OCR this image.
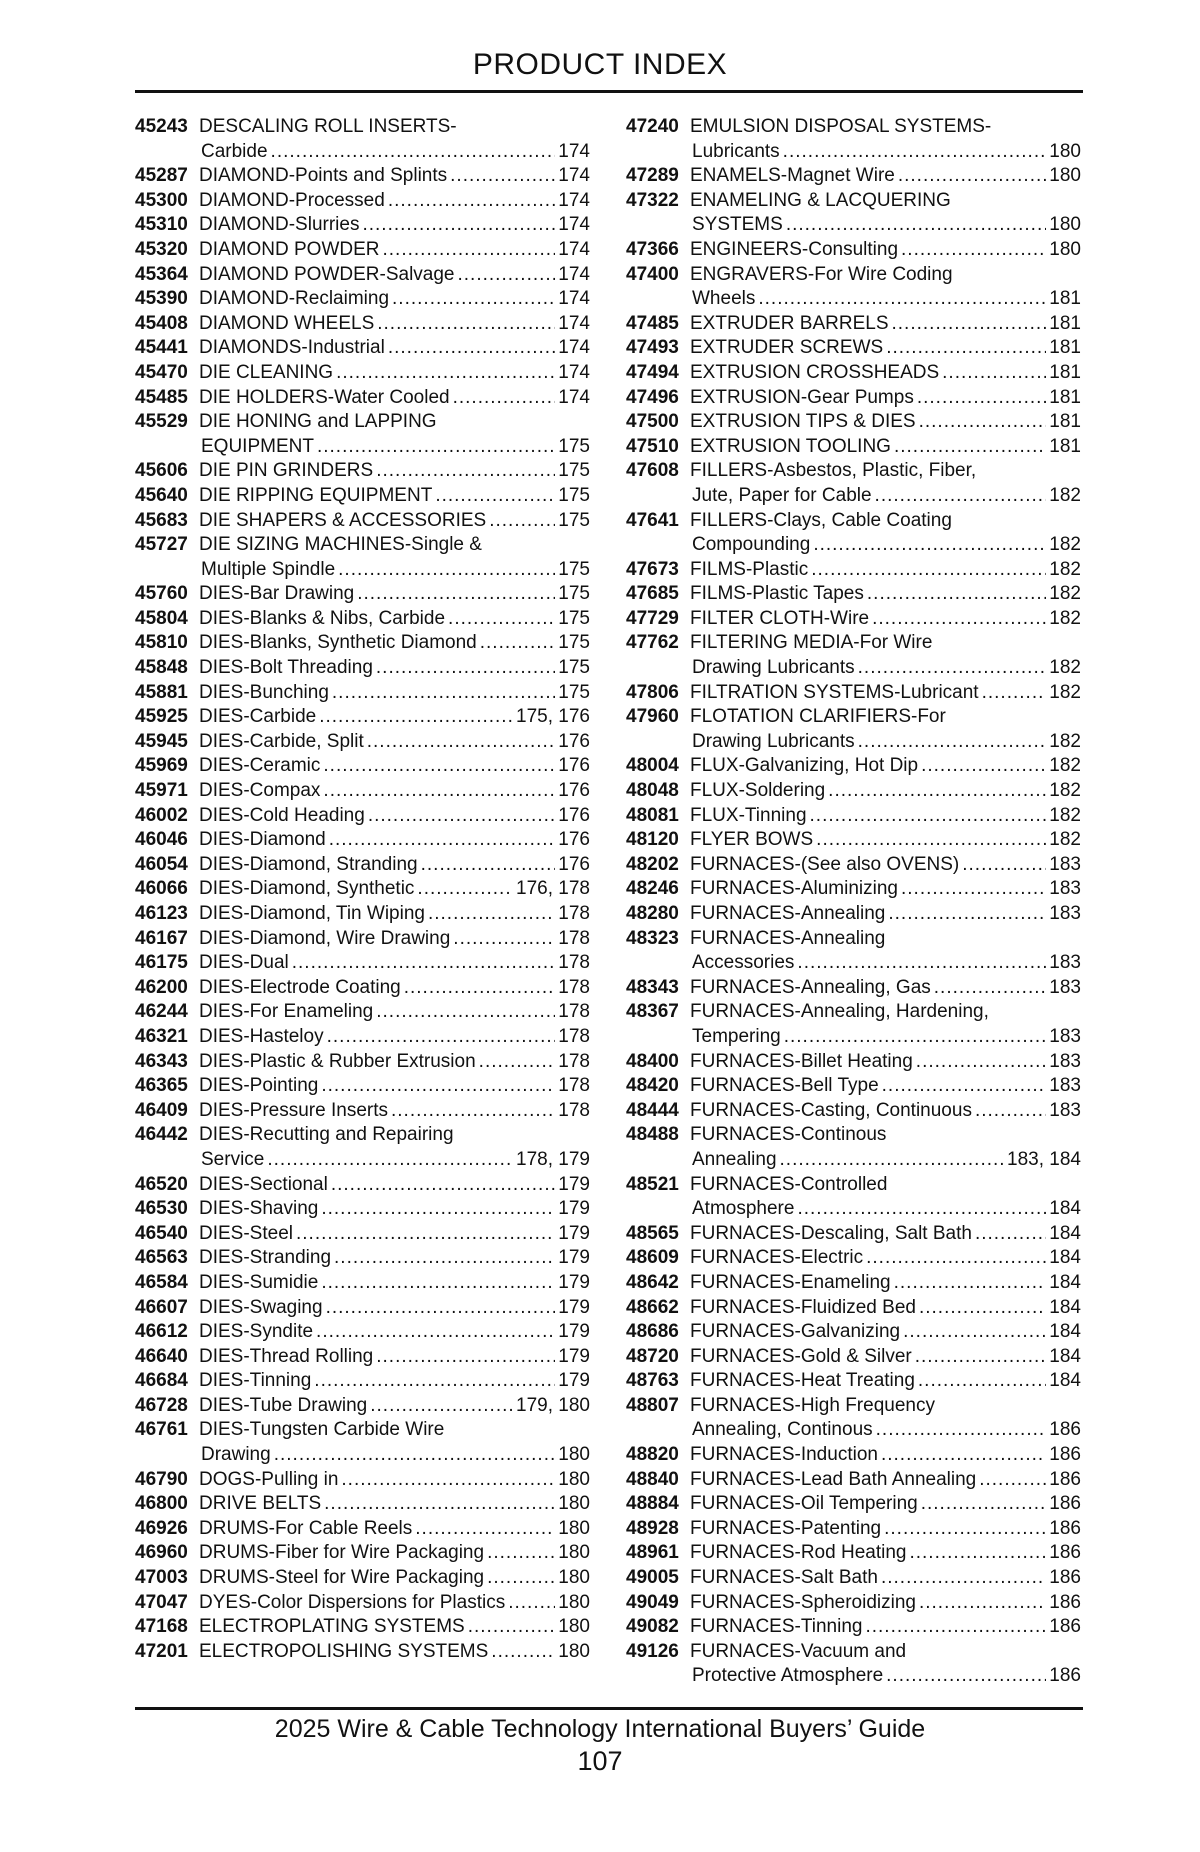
PRODUCT INDEX
45243 DESCALING ROLL INSERTS-
Carbide .....	174
45287 DIAMOND-Points and Splints .....	174
45300 DIAMOND-Processed .....	174
45310 DIAMOND-Slurries .....	174
45320 DIAMOND POWDER .....	174
45364 DIAMOND POWDER-Salvage .....	174
45390 DIAMOND-Reclaiming .....	174
45408 DIAMOND WHEELS .....	174
45441 DIAMONDS-Industrial .....	174
45470 DIE CLEANING .....	174
45485 DIE HOLDERS-Water Cooled .....	174
45529 DIE HONING and LAPPING
EQUIPMENT .....	175
45606 DIE PIN GRINDERS .....	175
45640 DIE RIPPING EQUIPMENT .....	175
45683 DIE SHAPERS & ACCESSORIES .....	175
45727 DIE SIZING MACHINES-Single &
Multiple Spindle .....	175
45760 DIES-Bar Drawing .....	175
45804 DIES-Blanks & Nibs, Carbide .....	175
45810 DIES-Blanks, Synthetic Diamond .....	175
45848 DIES-Bolt Threading .....	175
45881 DIES-Bunching .....	175
45925 DIES-Carbide .....	175, 176
45945 DIES-Carbide, Split .....	176
45969 DIES-Ceramic .....	176
45971 DIES-Compax .....	176
46002 DIES-Cold Heading .....	176
46046 DIES-Diamond .....	176
46054 DIES-Diamond, Stranding .....	176
46066 DIES-Diamond, Synthetic .....	176, 178
46123 DIES-Diamond, Tin Wiping .....	178
46167 DIES-Diamond, Wire Drawing .....	178
46175 DIES-Dual .....	178
46200 DIES-Electrode Coating .....	178
46244 DIES-For Enameling .....	178
46321 DIES-Hasteloy .....	178
46343 DIES-Plastic & Rubber Extrusion .....	178
46365 DIES-Pointing .....	178
46409 DIES-Pressure Inserts .....	178
46442 DIES-Recutting and Repairing
Service .....	178, 179
46520 DIES-Sectional .....	179
46530 DIES-Shaving .....	179
46540 DIES-Steel .....	179
46563 DIES-Stranding .....	179
46584 DIES-Sumidie .....	179
46607 DIES-Swaging .....	179
46612 DIES-Syndite .....	179
46640 DIES-Thread Rolling .....	179
46684 DIES-Tinning .....	179
46728 DIES-Tube Drawing .....	179, 180
46761 DIES-Tungsten Carbide Wire
Drawing .....	180
46790 DOGS-Pulling in .....	180
46800 DRIVE BELTS .....	180
46926 DRUMS-For Cable Reels .....	180
46960 DRUMS-Fiber for Wire Packaging .....	180
47003 DRUMS-Steel for Wire Packaging .....	180
47047 DYES-Color Dispersions for Plastics .....	180
47168 ELECTROPLATING SYSTEMS .....	180
47201 ELECTROPOLISHING SYSTEMS .....	180
47240 EMULSION DISPOSAL SYSTEMS-
Lubricants .....	180
47289 ENAMELS-Magnet Wire .....	180
47322 ENAMELING & LACQUERING
SYSTEMS .....	180
47366 ENGINEERS-Consulting .....	180
47400 ENGRAVERS-For Wire Coding
Wheels .....	181
47485 EXTRUDER BARRELS .....	181
47493 EXTRUDER SCREWS .....	181
47494 EXTRUSION CROSSHEADS .....	181
47496 EXTRUSION-Gear Pumps .....	181
47500 EXTRUSION TIPS & DIES .....	181
47510 EXTRUSION TOOLING .....	181
47608 FILLERS-Asbestos, Plastic, Fiber,
Jute, Paper for Cable .....	182
47641 FILLERS-Clays, Cable Coating
Compounding .....	182
47673 FILMS-Plastic .....	182
47685 FILMS-Plastic Tapes .....	182
47729 FILTER CLOTH-Wire .....	182
47762 FILTERING MEDIA-For Wire
Drawing Lubricants .....	182
47806 FILTRATION SYSTEMS-Lubricant .....	182
47960 FLOTATION CLARIFIERS-For
Drawing Lubricants .....	182
48004 FLUX-Galvanizing, Hot Dip .....	182
48048 FLUX-Soldering .....	182
48081 FLUX-Tinning .....	182
48120 FLYER BOWS .....	182
48202 FURNACES-(See also OVENS) .....	183
48246 FURNACES-Aluminizing .....	183
48280 FURNACES-Annealing .....	183
48323 FURNACES-Annealing
Accessories .....	183
48343 FURNACES-Annealing, Gas .....	183
48367 FURNACES-Annealing, Hardening,
Tempering .....	183
48400 FURNACES-Billet Heating .....	183
48420 FURNACES-Bell Type .....	183
48444 FURNACES-Casting, Continuous .....	183
48488 FURNACES-Continous
Annealing .....	183, 184
48521 FURNACES-Controlled
Atmosphere .....	184
48565 FURNACES-Descaling, Salt Bath .....	184
48609 FURNACES-Electric .....	184
48642 FURNACES-Enameling .....	184
48662 FURNACES-Fluidized Bed .....	184
48686 FURNACES-Galvanizing .....	184
48720 FURNACES-Gold & Silver .....	184
48763 FURNACES-Heat Treating .....	184
48807 FURNACES-High Frequency
Annealing, Continous .....	186
48820 FURNACES-Induction .....	186
48840 FURNACES-Lead Bath Annealing .....	186
48884 FURNACES-Oil Tempering .....	186
48928 FURNACES-Patenting .....	186
48961 FURNACES-Rod Heating .....	186
49005 FURNACES-Salt Bath .....	186
49049 FURNACES-Spheroidizing .....	186
49082 FURNACES-Tinning .....	186
49126 FURNACES-Vacuum and
Protective Atmosphere .....	186
2025 Wire & Cable Technology International Buyers’ Guide
107
